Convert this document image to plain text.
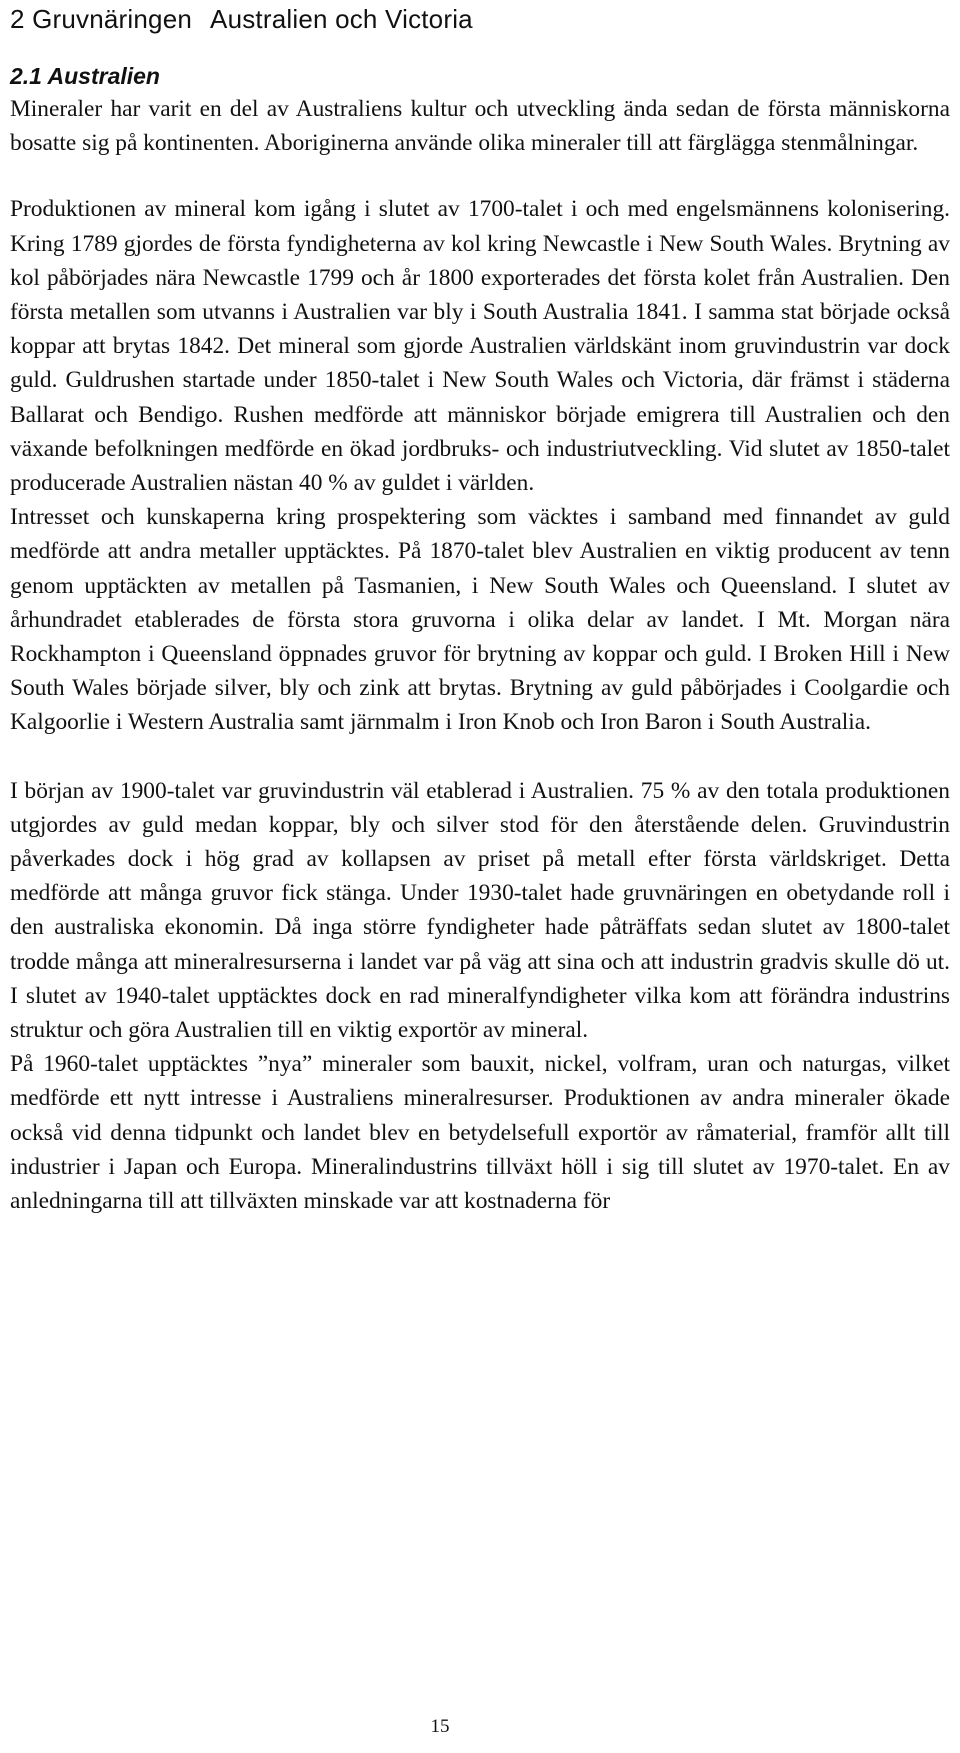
2 Gruvnäringen Australien och Victoria
2.1 Australien

Mineraler har varit en del av Australiens kultur och utveckling ända sedan de första människorna bosatte sig på kontinenten. Aboriginerna använde olika mineraler till att färglägga stenmålningar.

Produktionen av mineral kom igång i slutet av 1700-talet i och med engelsmännens kolonisering. Kring 1789 gjordes de första fyndigheterna av kol kring Newcastle i New South Wales. Brytning av kol påbörjades nära Newcastle 1799 och år 1800 exporterades det första kolet från Australien. Den första metallen som utvanns i Australien var bly i South Australia 1841. I samma stat började också koppar att brytas 1842. Det mineral som gjorde Australien världskänt inom gruvindustrin var dock guld. Guldrushen startade under 1850-talet i New South Wales och Victoria, där främst i städerna Ballarat och Bendigo. Rushen medförde att människor började emigrera till Australien och den växande befolkningen medförde en ökad jordbruks- och industriutveckling. Vid slutet av 1850-talet producerade Australien nästan 40 % av guldet i världen.

Intresset och kunskaperna kring prospektering som väcktes i samband med finnandet av guld medförde att andra metaller upptäcktes. På 1870-talet blev Australien en viktig producent av tenn genom upptäckten av metallen på Tasmanien, i New South Wales och Queensland. I slutet av århundradet etablerades de första stora gruvorna i olika delar av landet. I Mt. Morgan nära Rockhampton i Queensland öppnades gruvor för brytning av koppar och guld. I Broken Hill i New South Wales började silver, bly och zink att brytas. Brytning av guld påbörjades i Coolgardie och Kalgoorlie i Western Australia samt järnmalm i Iron Knob och Iron Baron i South Australia.

I början av 1900-talet var gruvindustrin väl etablerad i Australien. 75 % av den totala produktionen utgjordes av guld medan koppar, bly och silver stod för den återstående delen. Gruvindustrin påverkades dock i hög grad av kollapsen av priset på metall efter första världskriget. Detta medförde att många gruvor fick stänga. Under 1930-talet hade gruvnäringen en obetydande roll i den australiska ekonomin. Då inga större fyndigheter hade påträffats sedan slutet av 1800-talet trodde många att mineralresurserna i landet var på väg att sina och att industrin gradvis skulle dö ut. I slutet av 1940-talet upptäcktes dock en rad mineralfyndigheter vilka kom att förändra industrins struktur och göra Australien till en viktig exportör av mineral.

På 1960-talet upptäcktes ”nya” mineraler som bauxit, nickel, volfram, uran och naturgas, vilket medförde ett nytt intresse i Australiens mineralresurser. Produktionen av andra mineraler ökade också vid denna tidpunkt och landet blev en betydelsefull exportör av råmaterial, framför allt till industrier i Japan och Europa. Mineralindustrins tillväxt höll i sig till slutet av 1970-talet. En av anledningarna till att tillväxten minskade var att kostnaderna för

15
